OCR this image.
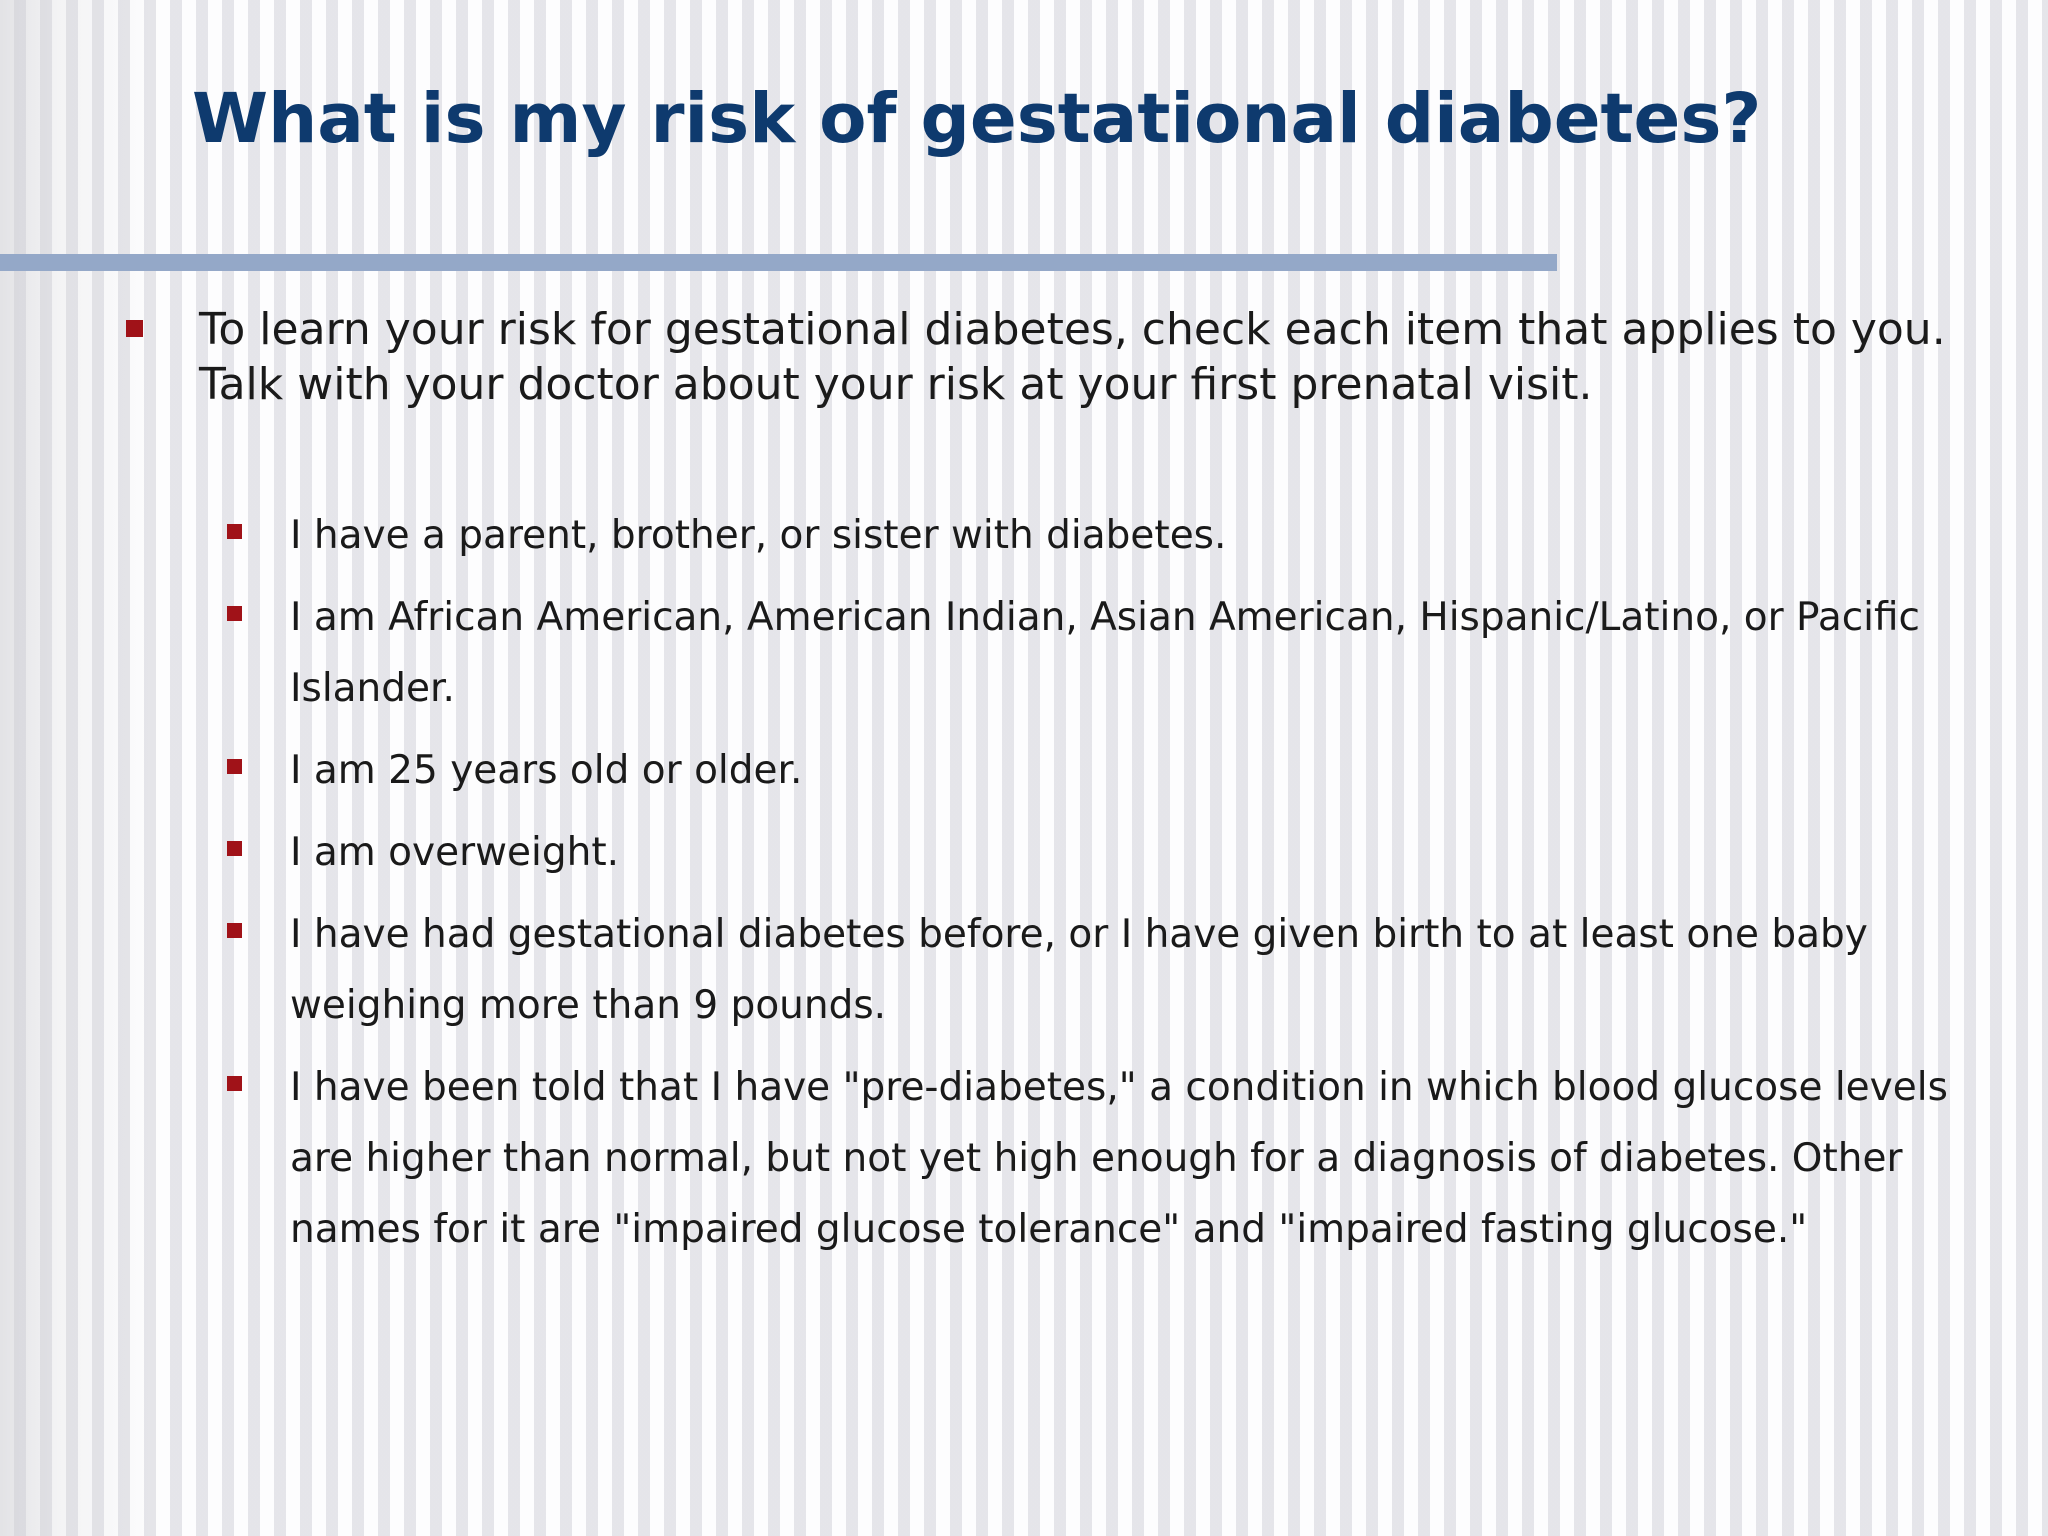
What is my risk of gestational diabetes?
To learn your risk for gestational diabetes, check each item that applies to you. Talk with your doctor about your risk at your first prenatal visit.
I have a parent, brother, or sister with diabetes.
I am African American, American Indian, Asian American, Hispanic/Latino, or Pacific Islander.
I am 25 years old or older.
I am overweight.
I have had gestational diabetes before, or I have given birth to at least one baby weighing more than 9 pounds.
I have been told that I have "pre-diabetes," a condition in which blood glucose levels are higher than normal, but not yet high enough for a diagnosis of diabetes. Other names for it are "impaired glucose tolerance" and "impaired fasting glucose."
